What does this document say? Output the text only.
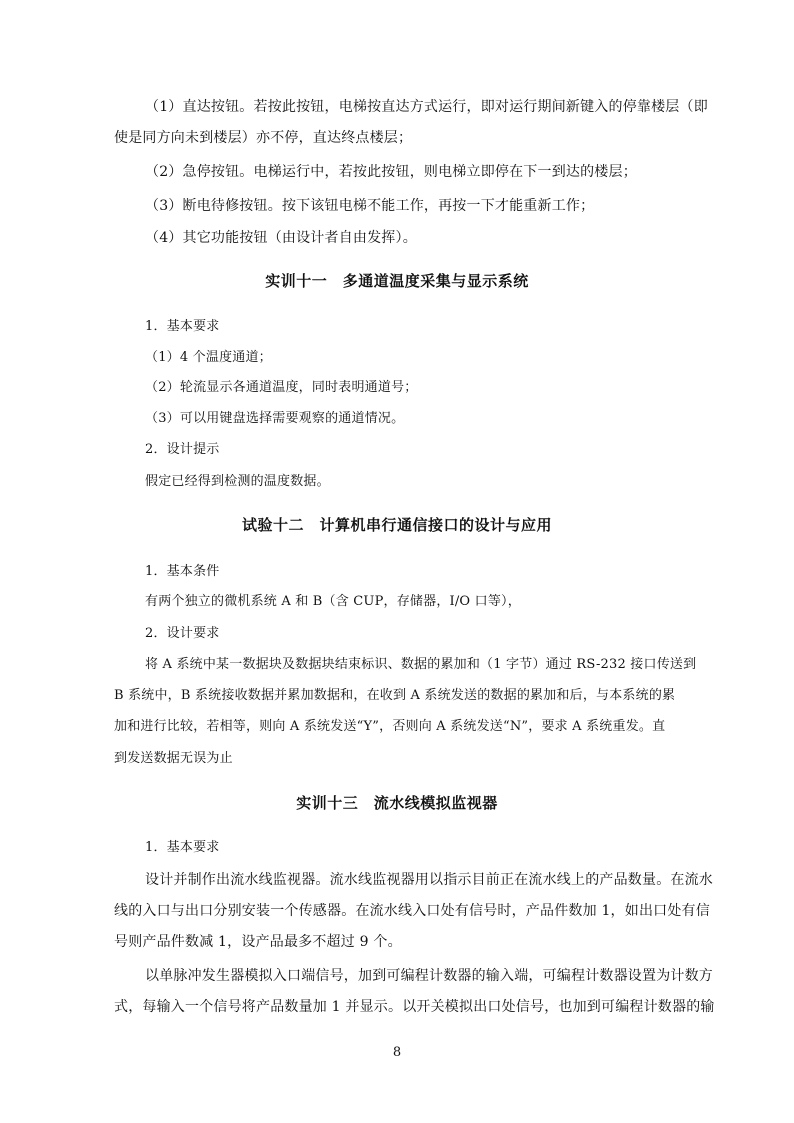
（1）直达按钮。若按此按钮，电梯按直达方式运行，即对运行期间新键入的停靠楼层（即
使是同方向未到楼层）亦不停，直达终点楼层；
（2）急停按钮。电梯运行中，若按此按钮，则电梯立即停在下一到达的楼层；
（3）断电待修按钮。按下该钮电梯不能工作，再按一下才能重新工作；
（4）其它功能按钮（由设计者自由发挥）。
实训十一　多通道温度采集与显示系统
1．基本要求
（1）4 个温度通道；
（2）轮流显示各通道温度，同时表明通道号；
（3）可以用键盘选择需要观察的通道情况。
2．设计提示
假定已经得到检测的温度数据。
试验十二　计算机串行通信接口的设计与应用
1．基本条件
有两个独立的微机系统 A 和 B（含 CUP，存储器，I/O 口等），
2．设计要求
将 A 系统中某一数据块及数据块结束标识、数据的累加和（1 字节）通过 RS-232 接口传送到
B 系统中，B 系统接收数据并累加数据和，在收到 A 系统发送的数据的累加和后，与本系统的累
加和进行比较，若相等，则向 A 系统发送“Y”，否则向 A 系统发送“N”，要求 A 系统重发。直
到发送数据无误为止
实训十三　流水线模拟监视器
1．基本要求
设计并制作出流水线监视器。流水线监视器用以指示目前正在流水线上的产品数量。在流水
线的入口与出口分别安装一个传感器。在流水线入口处有信号时，产品件数加 1，如出口处有信
号则产品件数减 1，设产品最多不超过 9 个。
以单脉冲发生器模拟入口端信号，加到可编程计数器的输入端，可编程计数器设置为计数方
式，每输入一个信号将产品数量加 1 并显示。以开关模拟出口处信号，也加到可编程计数器的输
8
